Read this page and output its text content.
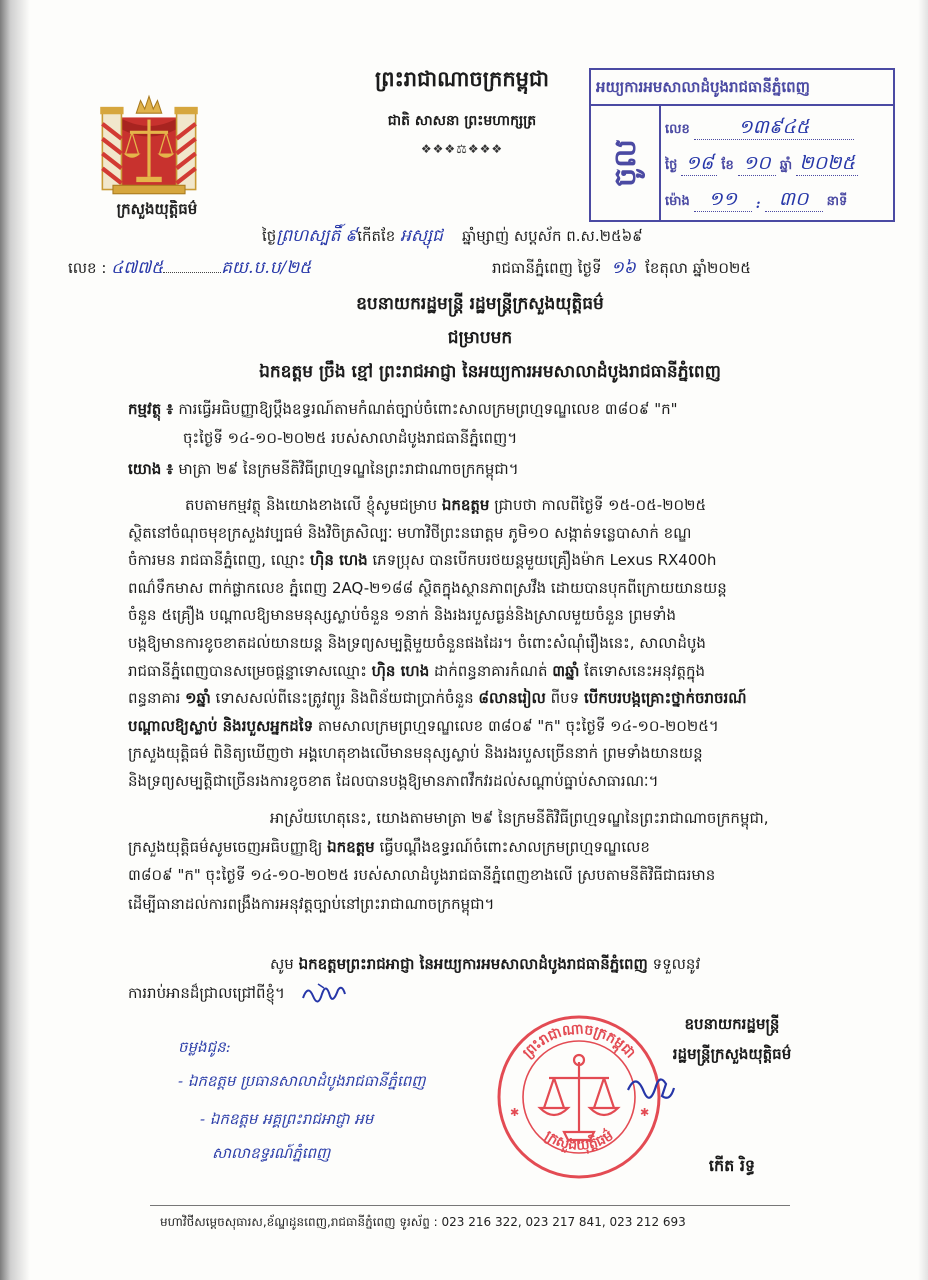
ក្រសួងយុត្តិធម៌
ព្រះរាជាណាចក្រកម្ពុជា
ជាតិ សាសនា ព្រះមហាក្សត្រ
❖❖❖⚖❖❖❖
អយ្យការអមសាលាដំបូងរាជធានីភ្នំពេញ
ចូល
លេខ	១៣៩៤៥
ថ្ងៃ ១៨ ខែ ១០ ឆ្នាំ ២០២៥
ម៉ោង ១១	: ៣០	នាទី
ថ្ងៃព្រហស្បតិ៍ ៩កើតខែ អស្សុជ ឆ្នាំម្សាញ់ សប្តស័ក ព.ស.២៥៦៩
លេខ : ៤៧៧៥	គយ.ប.ប/២៥	រាជធានីភ្នំពេញ ថ្ងៃទី ១៦ ខែតុលា ឆ្នាំ២០២៥
ឧបនាយករដ្ឋមន្ត្រី រដ្ឋមន្ត្រីក្រសួងយុត្តិធម៌
ជម្រាបមក
ឯកឧត្តម ច្រឹង ខ្មៅ ព្រះរាជអាជ្ញា នៃអយ្យការអមសាលាដំបូងរាជធានីភ្នំពេញ
កម្មវត្ថុ ៖ ការធ្វើអធិបញ្ញាឱ្យប្តឹងឧទ្ធរណ៍តាមកំណត់ច្បាប់ចំពោះសាលក្រមព្រហ្មទណ្ឌលេខ ៣៨០៩ "ក"
ចុះថ្ងៃទី ១៤-១០-២០២៥ របស់សាលាដំបូងរាជធានីភ្នំពេញ។
យោង ៖ មាត្រា ២៩ នៃក្រមនីតិវិធីព្រហ្មទណ្ឌនៃព្រះរាជាណាចក្រកម្ពុជា។
តបតាមកម្មវត្ថុ និងយោងខាងលើ ខ្ញុំសូមជម្រាប ឯកឧត្តម ជ្រាបថា កាលពីថ្ងៃទី ១៥-០៥-២០២៥
ស្ថិតនៅចំណុចមុខក្រសួងវប្បធម៌ និងវិចិត្រសិល្បៈ មហាវិថីព្រះនរោត្តម ភូមិ១០ សង្កាត់ទន្លេបាសាក់ ខណ្ឌ
ចំការមន រាជធានីភ្នំពេញ, ឈ្មោះ ហ៊ិន ហេង ភេទប្រុស បានបើកបរថយន្តមួយគ្រឿងម៉ាក Lexus RX400h
ពណ៌ទឹកមាស ពាក់ផ្លាកលេខ ភ្នំពេញ 2AQ-២១៨៨ ស្ថិតក្នុងស្ថានភាពស្រវឹង ដោយបានបុកពីក្រោយយានយន្ត
ចំនួន ៥គ្រឿង បណ្តាលឱ្យមានមនុស្សស្លាប់ចំនួន ១នាក់ និងរងរបួសធ្ងន់និងស្រាលមួយចំនួន ព្រមទាំង
បង្កឱ្យមានការខូចខាតដល់យានយន្ត និងទ្រព្យសម្បត្តិមួយចំនួនផងដែរ។ ចំពោះសំណុំរឿងនេះ, សាលាដំបូង
រាជធានីភ្នំពេញបានសម្រេចផ្តន្ទាទោសឈ្មោះ ហ៊ិន ហេង ដាក់ពន្ធនាគារកំណត់ ៣ឆ្នាំ តែទោសនេះអនុវត្តក្នុង
ពន្ធនាគារ ១ឆ្នាំ ទោសសល់ពីនេះត្រូវព្យួរ និងពិន័យជាប្រាក់ចំនួន ៨លានរៀល ពីបទ បើកបរបង្កគ្រោះថ្នាក់ចរាចរណ៍
បណ្តាលឱ្យស្លាប់ និងរបួសអ្នកដទៃ តាមសាលក្រមព្រហ្មទណ្ឌលេខ ៣៨០៩ "ក" ចុះថ្ងៃទី ១៤-១០-២០២៥។
ក្រសួងយុត្តិធម៌ ពិនិត្យឃើញថា អង្គហេតុខាងលើមានមនុស្សស្លាប់ និងរងរបួសច្រើននាក់ ព្រមទាំងយានយន្ត
និងទ្រព្យសម្បត្តិជាច្រើនរងការខូចខាត ដែលបានបង្កឱ្យមានភាពវឹកវរដល់សណ្តាប់ធ្នាប់សាធារណៈ។
អាស្រ័យហេតុនេះ, យោងតាមមាត្រា ២៩ នៃក្រមនីតិវិធីព្រហ្មទណ្ឌនៃព្រះរាជាណាចក្រកម្ពុជា,
ក្រសួងយុត្តិធម៌សូមចេញអធិបញ្ញាឱ្យ ឯកឧត្តម ធ្វើបណ្តឹងឧទ្ធរណ៍ចំពោះសាលក្រមព្រហ្មទណ្ឌលេខ
៣៨០៩ "ក" ចុះថ្ងៃទី ១៤-១០-២០២៥ របស់សាលាដំបូងរាជធានីភ្នំពេញខាងលើ ស្របតាមនីតិវិធីជាធរមាន
ដើម្បីធានាដល់ការពង្រឹងការអនុវត្តច្បាប់នៅព្រះរាជាណាចក្រកម្ពុជា។
សូម ឯកឧត្តមព្រះរាជអាជ្ញា នៃអយ្យការអមសាលាដំបូងរាជធានីភ្នំពេញ ទទួលនូវ
ការរាប់អានដ៏ជ្រាលជ្រៅពីខ្ញុំ។
ចម្លងជូន:
- ឯកឧត្តម ប្រធានសាលាដំបូងរាជធានីភ្នំពេញ
- ឯកឧត្តម អគ្គព្រះរាជអាជ្ញា អម
សាលាឧទ្ធរណ៍ភ្នំពេញ
ព្រះរាជាណាចក្រកម្ពុជា
ក្រសួងយុត្តិធម៌
✱	✱
ឧបនាយករដ្ឋមន្ត្រី
រដ្ឋមន្ត្រីក្រសួងយុត្តិធម៌
កើត រិទ្ធ
មហាវិថីសម្តេចសុធារស,ខ័ណ្ឌដូនពេញ,រាជធានីភ្នំពេញ ទូរស័ព្ទ : 023 216 322, 023 217 841, 023 212 693
